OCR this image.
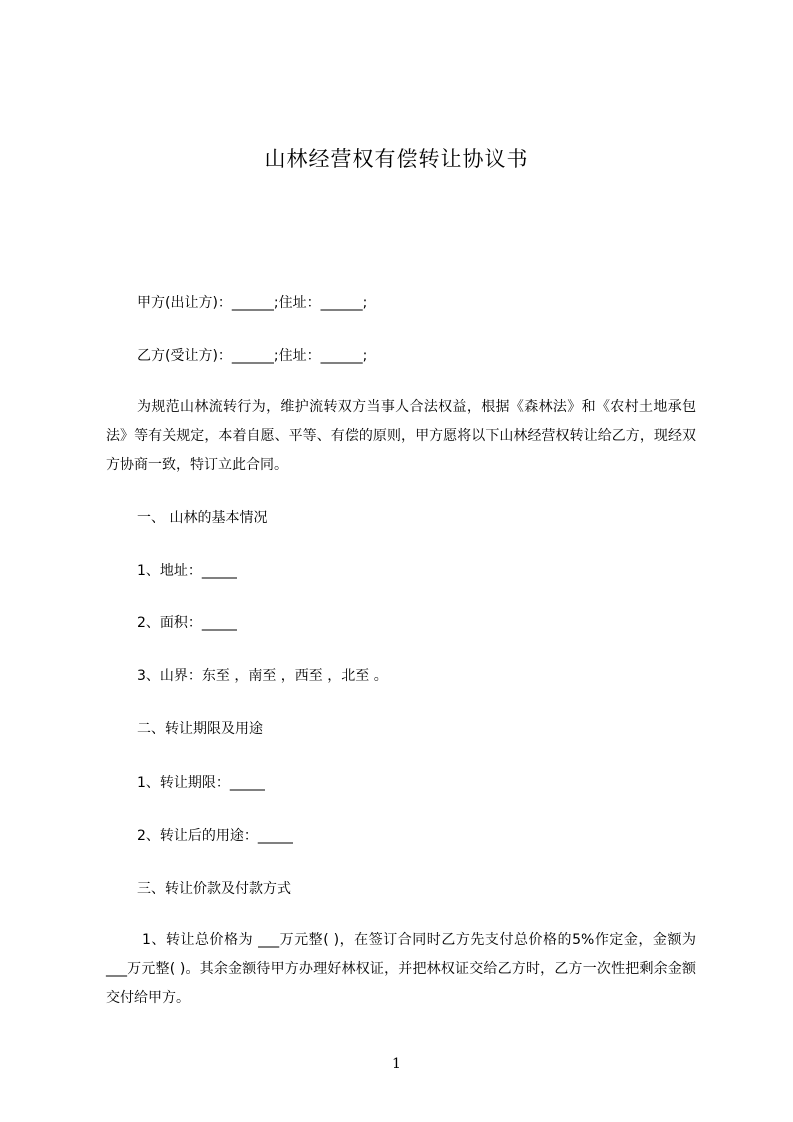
山林经营权有偿转让协议书
甲方(出让方)：______;住址：______;
乙方(受让方)：______;住址：______;
为规范山林流转行为，维护流转双方当事人合法权益，根据《森林法》和《农村土地承包法》等有关规定，本着自愿、平等、有偿的原则，甲方愿将以下山林经营权转让给乙方，现经双方协商一致，特订立此合同。
一、 山林的基本情况
1、地址：_____
2、面积：_____
3、山界：东至 ，南至 ，西至 ，北至 。
二、转让期限及用途
1、转让期限：_____
2、转让后的用途：_____
三、转让价款及付款方式
1、转让总价格为 ___万元整( )，在签订合同时乙方先支付总价格的5%作定金，金额为 ___万元整( )。其余金额待甲方办理好林权证，并把林权证交给乙方时，乙方一次性把剩余金额交付给甲方。
1
